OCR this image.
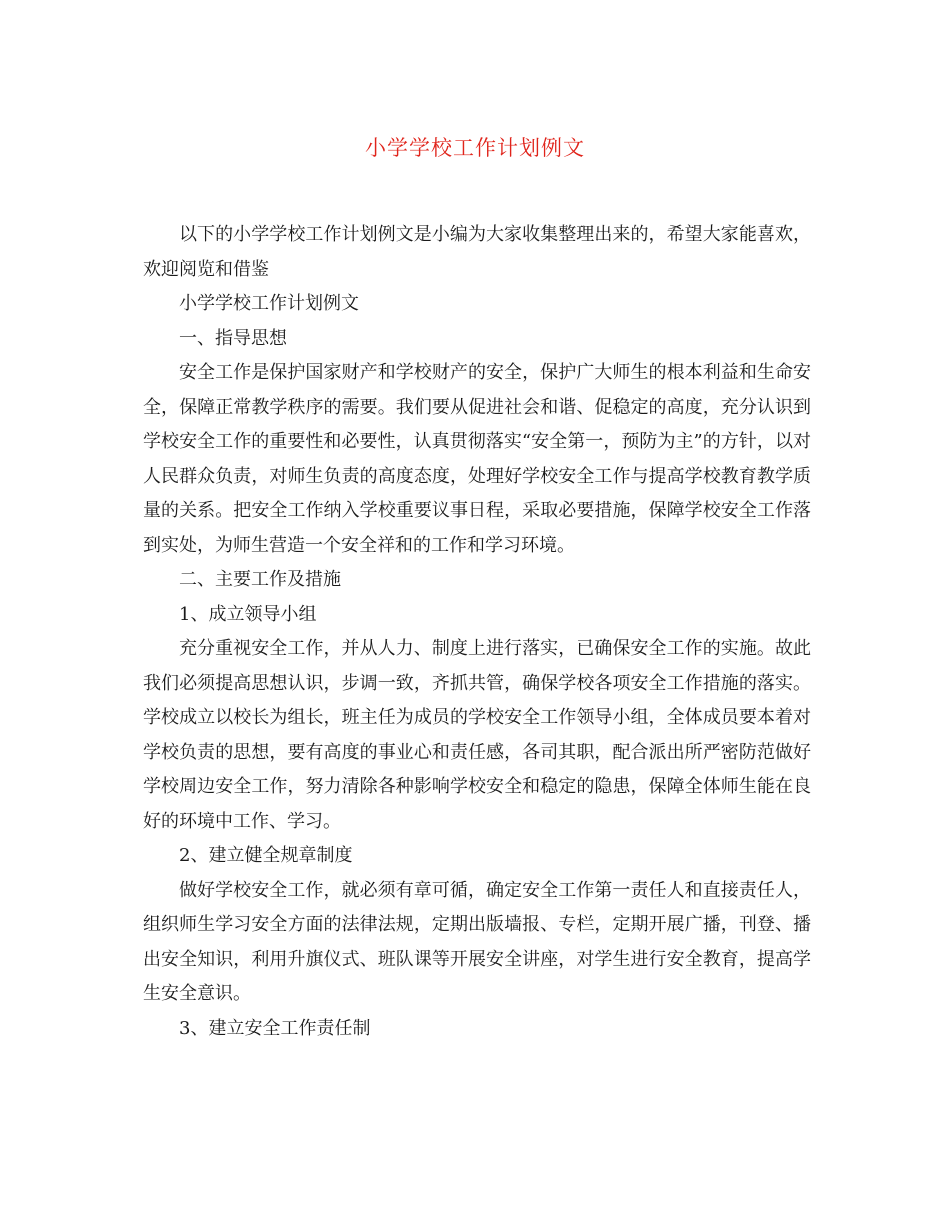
小学学校工作计划例文

以下的小学学校工作计划例文是小编为大家收集整理出来的，希望大家能喜欢，欢迎阅览和借鉴

小学学校工作计划例文

一、指导思想

安全工作是保护国家财产和学校财产的安全，保护广大师生的根本利益和生命安全，保障正常教学秩序的需要。我们要从促进社会和谐、促稳定的高度，充分认识到学校安全工作的重要性和必要性，认真贯彻落实“安全第一，预防为主”的方针，以对人民群众负责，对师生负责的高度态度，处理好学校安全工作与提高学校教育教学质量的关系。把安全工作纳入学校重要议事日程，采取必要措施，保障学校安全工作落到实处，为师生营造一个安全祥和的工作和学习环境。

二、主要工作及措施

1、成立领导小组

充分重视安全工作，并从人力、制度上进行落实，已确保安全工作的实施。故此我们必须提高思想认识，步调一致，齐抓共管，确保学校各项安全工作措施的落实。学校成立以校长为组长，班主任为成员的学校安全工作领导小组，全体成员要本着对学校负责的思想，要有高度的事业心和责任感，各司其职，配合派出所严密防范做好学校周边安全工作，努力清除各种影响学校安全和稳定的隐患，保障全体师生能在良好的环境中工作、学习。

2、建立健全规章制度

做好学校安全工作，就必须有章可循，确定安全工作第一责任人和直接责任人，组织师生学习安全方面的法律法规，定期出版墙报、专栏，定期开展广播，刊登、播出安全知识，利用升旗仪式、班队课等开展安全讲座，对学生进行安全教育，提高学生安全意识。

3、建立安全工作责任制
